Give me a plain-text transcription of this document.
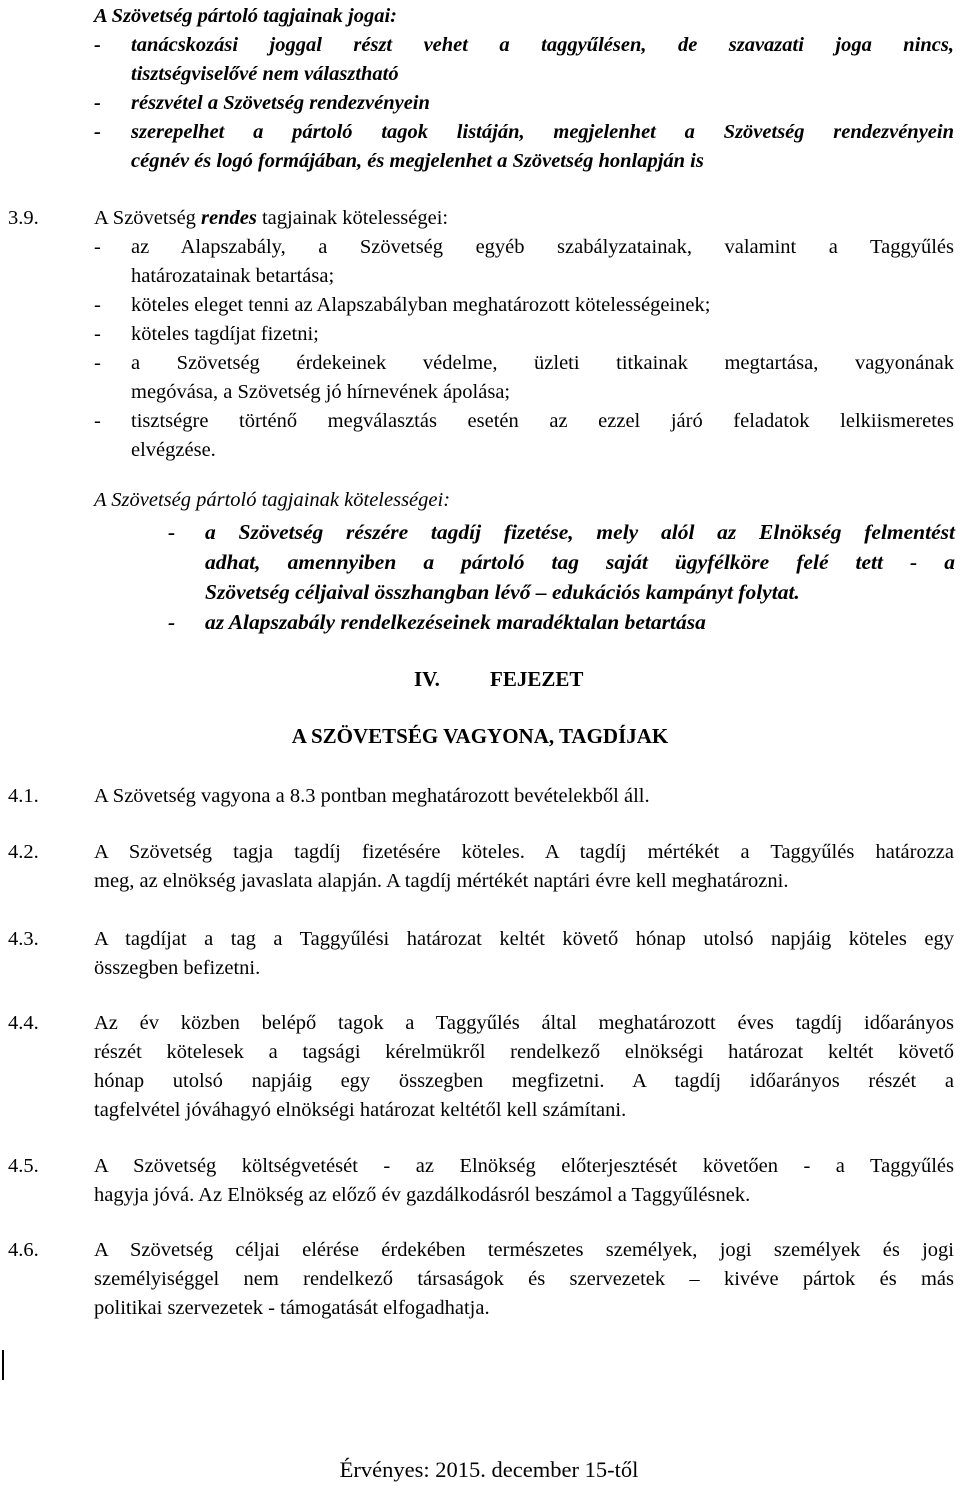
A Szövetség pártoló tagjainak jogai:
- tanácskozási joggal részt vehet a taggyűlésen, de szavazati joga nincs,
tisztségviselővé nem választható
- részvétel a Szövetség rendezvényein
- szerepelhet a pártoló tagok listáján, megjelenhet a Szövetség rendezvényein
cégnév és logó formájában, és megjelenhet a Szövetség honlapján is
3.9.	A Szövetség rendes tagjainak kötelességei:
- az Alapszabály, a Szövetség egyéb szabályzatainak, valamint a Taggyűlés
határozatainak betartása;
- köteles eleget tenni az Alapszabályban meghatározott kötelességeinek;
- köteles tagdíjat fizetni;
- a Szövetség érdekeinek védelme, üzleti titkainak megtartása, vagyonának
megóvása, a Szövetség jó hírnevének ápolása;
- tisztségre történő megválasztás esetén az ezzel járó feladatok lelkiismeretes
elvégzése.
A Szövetség pártoló tagjainak kötelességei:
- a Szövetség részére tagdíj fizetése, mely alól az Elnökség felmentést
adhat, amennyiben a pártoló tag saját ügyfélköre felé tett - a
Szövetség céljaival összhangban lévő – edukációs kampányt folytat.
- az Alapszabály rendelkezéseinek maradéktalan betartása
IV. FEJEZET
A SZÖVETSÉG VAGYONA, TAGDÍJAK
4.1.	A Szövetség vagyona a 8.3 pontban meghatározott bevételekből áll.
4.2.	A Szövetség tagja tagdíj fizetésére köteles. A tagdíj mértékét a Taggyűlés határozza
meg, az elnökség javaslata alapján. A tagdíj mértékét naptári évre kell meghatározni.
4.3.	A tagdíjat a tag a Taggyűlési határozat keltét követő hónap utolsó napjáig köteles egy
összegben befizetni.
4.4.	Az év közben belépő tagok a Taggyűlés által meghatározott éves tagdíj időarányos
részét kötelesek a tagsági kérelmükről rendelkező elnökségi határozat keltét követő
hónap utolsó napjáig egy összegben megfizetni. A tagdíj időarányos részét a
tagfelvétel jóváhagyó elnökségi határozat keltétől kell számítani.
4.5.	A Szövetség költségvetését - az Elnökség előterjesztését követően - a Taggyűlés
hagyja jóvá. Az Elnökség az előző év gazdálkodásról beszámol a Taggyűlésnek.
4.6.	A Szövetség céljai elérése érdekében természetes személyek, jogi személyek és jogi
személyiséggel nem rendelkező társaságok és szervezetek – kivéve pártok és más
politikai szervezetek - támogatását elfogadhatja.
Érvényes: 2015. december 15-től
